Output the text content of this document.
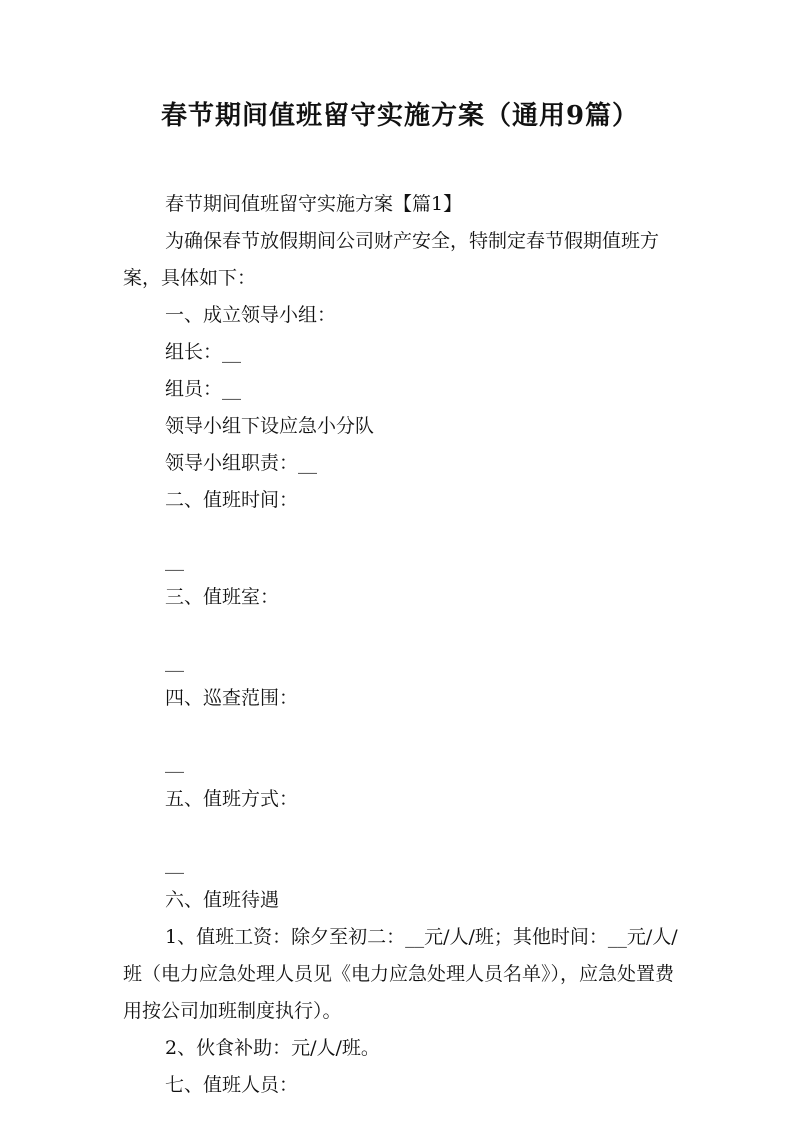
春节期间值班留守实施方案（通用9篇）

春节期间值班留守实施方案【篇1】

为确保春节放假期间公司财产安全，特制定春节假期值班方案，具体如下：

一、成立领导小组：

组长：__

组员：__

领导小组下设应急小分队

领导小组职责：__

二、值班时间：

__

三、值班室：

__

四、巡查范围：

__

五、值班方式：

__

六、值班待遇

1、值班工资：除夕至初二：__元/人/班；其他时间：__元/人/班（电力应急处理人员见《电力应急处理人员名单》），应急处置费用按公司加班制度执行）。

2、伙食补助：元/人/班。

七、值班人员：
